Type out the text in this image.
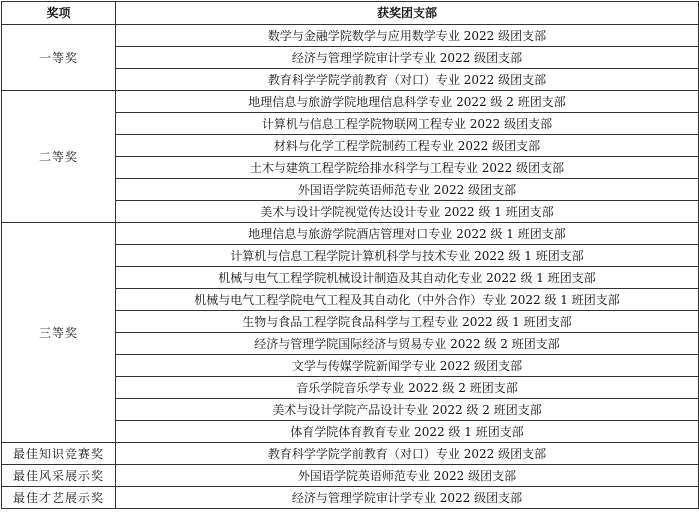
奖项	获奖团支部
一等奖	数学与金融学院数学与应用数学专业 2022 级团支部
	经济与管理学院审计学专业 2022 级团支部
	教育科学学院学前教育（对口）专业 2022 级团支部
二等奖	地理信息与旅游学院地理信息科学专业 2022 级 2 班团支部
	计算机与信息工程学院物联网工程专业 2022 级团支部
	材料与化学工程学院制药工程专业 2022 级团支部
	土木与建筑工程学院给排水科学与工程专业 2022 级团支部
	外国语学院英语师范专业 2022 级团支部
	美术与设计学院视觉传达设计专业 2022 级 1 班团支部
三等奖	地理信息与旅游学院酒店管理对口专业 2022 级 1 班团支部
	计算机与信息工程学院计算机科学与技术专业 2022 级 1 班团支部
	机械与电气工程学院机械设计制造及其自动化专业 2022 级 1 班团支部
	机械与电气工程学院电气工程及其自动化（中外合作）专业 2022 级 1 班团支部
	生物与食品工程学院食品科学与工程专业 2022 级 1 班团支部
	经济与管理学院国际经济与贸易专业 2022 级 2 班团支部
	文学与传媒学院新闻学专业 2022 级团支部
	音乐学院音乐学专业 2022 级 2 班团支部
	美术与设计学院产品设计专业 2022 级 2 班团支部
	体育学院体育教育专业 2022 级 1 班团支部
最佳知识竞赛奖	教育科学学院学前教育（对口）专业 2022 级团支部
最佳风采展示奖	外国语学院英语师范专业 2022 级团支部
最佳才艺展示奖	经济与管理学院审计学专业 2022 级团支部
